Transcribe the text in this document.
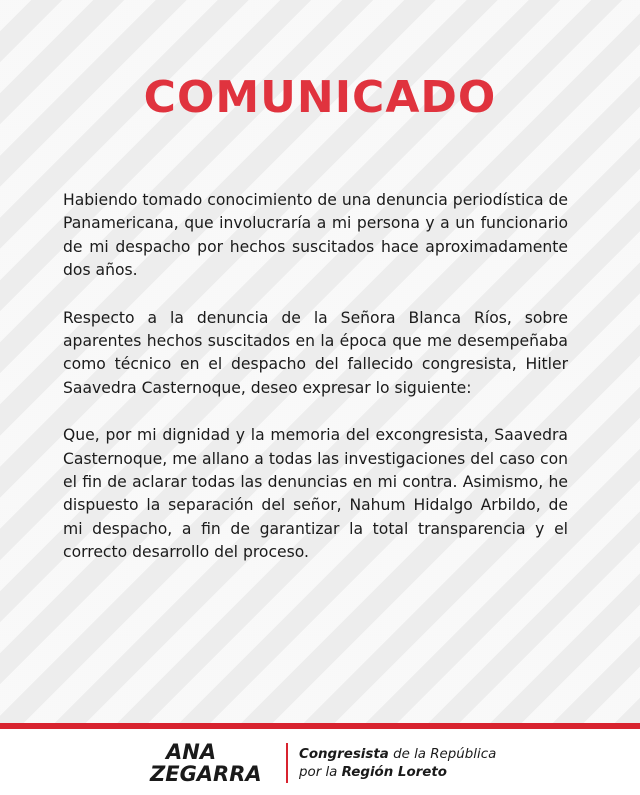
COMUNICADO

Habiendo tomado conocimiento de una denuncia periodística de Panamericana, que involucraría a mi persona y a un funcionario de mi despacho por hechos suscitados hace aproximadamente dos años.

Respecto a la denuncia de la Señora Blanca Ríos, sobre aparentes hechos suscitados en la época que me desempeñaba como técnico en el despacho del fallecido congresista, Hitler Saavedra Casternoque, deseo expresar lo siguiente:

Que, por mi dignidad y la memoria del excongresista, Saavedra Casternoque, me allano a todas las investigaciones del caso con el fin de aclarar todas las denuncias en mi contra. Asimismo, he dispuesto la separación del señor, Nahum Hidalgo Arbildo, de mi despacho, a fin de garantizar la total transparencia y el correcto desarrollo del proceso.

ANA
ZEGARRA
Congresista de la República
por la Región Loreto
